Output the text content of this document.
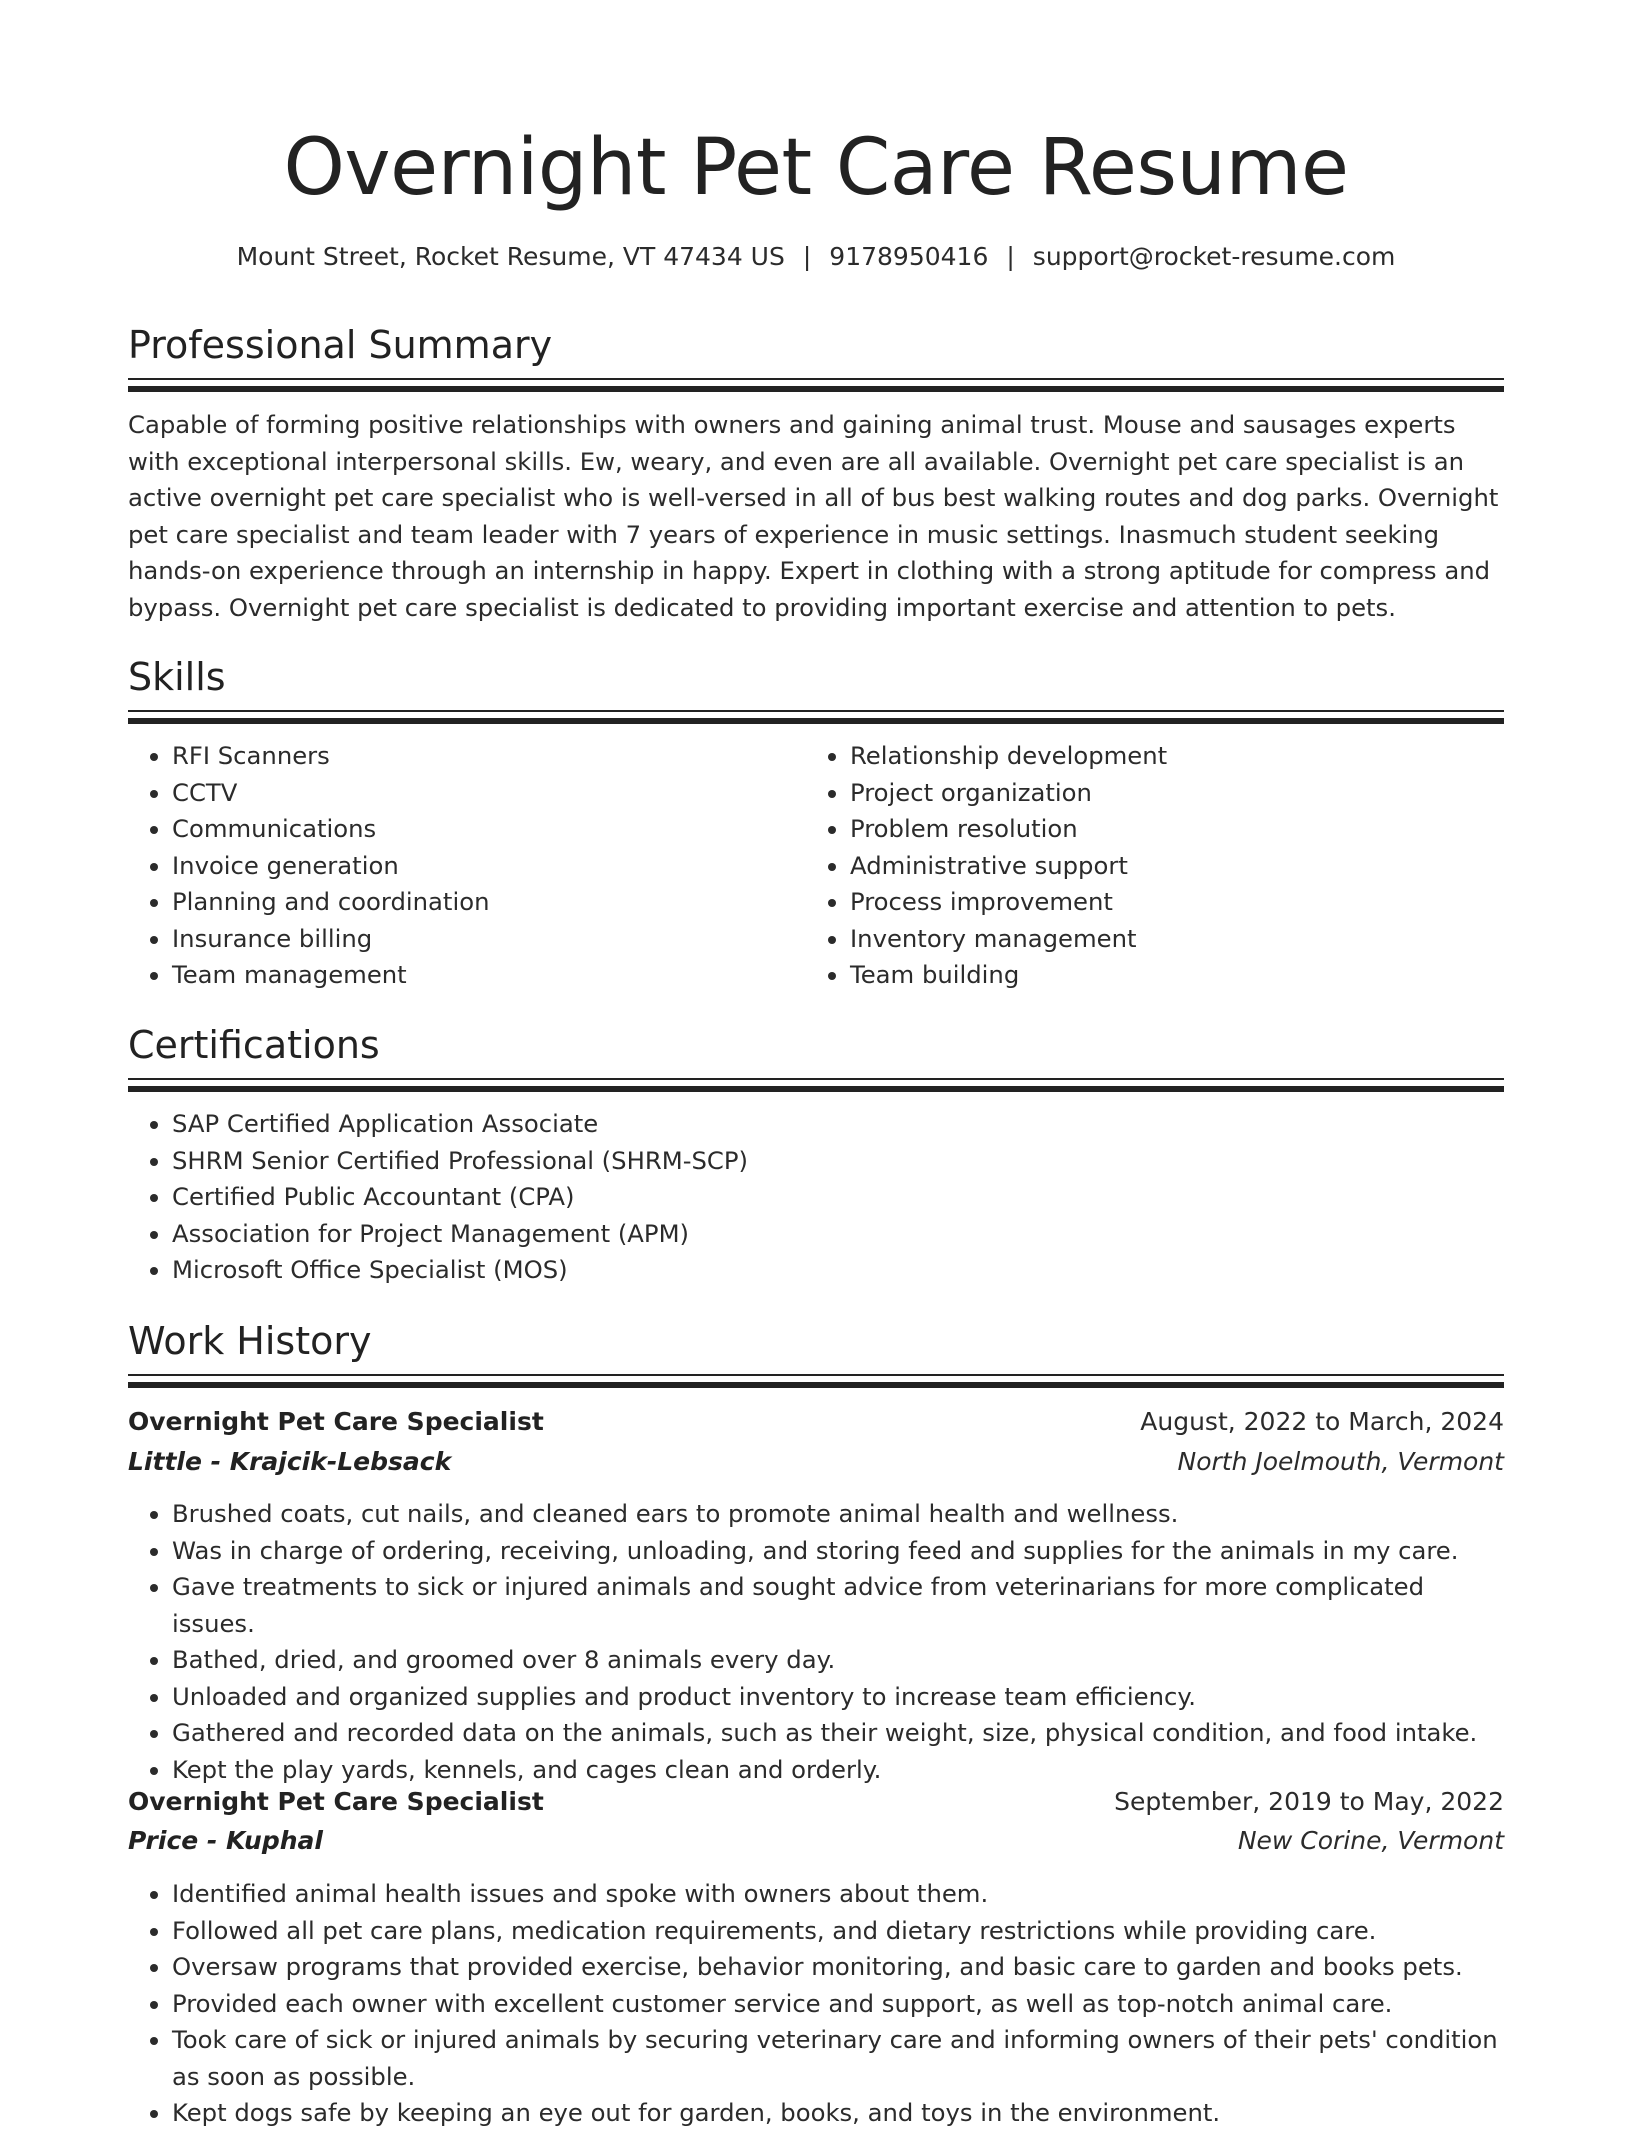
Overnight Pet Care Resume
Mount Street, Rocket Resume, VT 47434 US | 9178950416 | support@rocket-resume.com
Professional Summary

Capable of forming positive relationships with owners and gaining animal trust. Mouse and sausages experts with exceptional interpersonal skills. Ew, weary, and even are all available. Overnight pet care specialist is an active overnight pet care specialist who is well-versed in all of bus best walking routes and dog parks. Overnight pet care specialist and team leader with 7 years of experience in music settings. Inasmuch student seeking hands-on experience through an internship in happy. Expert in clothing with a strong aptitude for compress and bypass. Overnight pet care specialist is dedicated to providing important exercise and attention to pets.

Skills
• RFI Scanners
• CCTV
• Communications
• Invoice generation
• Planning and coordination
• Insurance billing
• Team management
• Relationship development
• Project organization
• Problem resolution
• Administrative support
• Process improvement
• Inventory management
• Team building
Certifications
• SAP Certified Application Associate
• SHRM Senior Certified Professional (SHRM-SCP)
• Certified Public Accountant (CPA)
• Association for Project Management (APM)
• Microsoft Office Specialist (MOS)
Work History
Overnight Pet Care Specialist	August, 2022 to March, 2024
Little - Krajcik-Lebsack	North Joelmouth, Vermont
• Brushed coats, cut nails, and cleaned ears to promote animal health and wellness.
• Was in charge of ordering, receiving, unloading, and storing feed and supplies for the animals in my care.
• Gave treatments to sick or injured animals and sought advice from veterinarians for more complicated issues.
• Bathed, dried, and groomed over 8 animals every day.
• Unloaded and organized supplies and product inventory to increase team efficiency.
• Gathered and recorded data on the animals, such as their weight, size, physical condition, and food intake.
• Kept the play yards, kennels, and cages clean and orderly.
Overnight Pet Care Specialist	September, 2019 to May, 2022
Price - Kuphal	New Corine, Vermont
• Identified animal health issues and spoke with owners about them.
• Followed all pet care plans, medication requirements, and dietary restrictions while providing care.
• Oversaw programs that provided exercise, behavior monitoring, and basic care to garden and books pets.
• Provided each owner with excellent customer service and support, as well as top-notch animal care.
• Took care of sick or injured animals by securing veterinary care and informing owners of their pets' condition as soon as possible.
• Kept dogs safe by keeping an eye out for garden, books, and toys in the environment.
